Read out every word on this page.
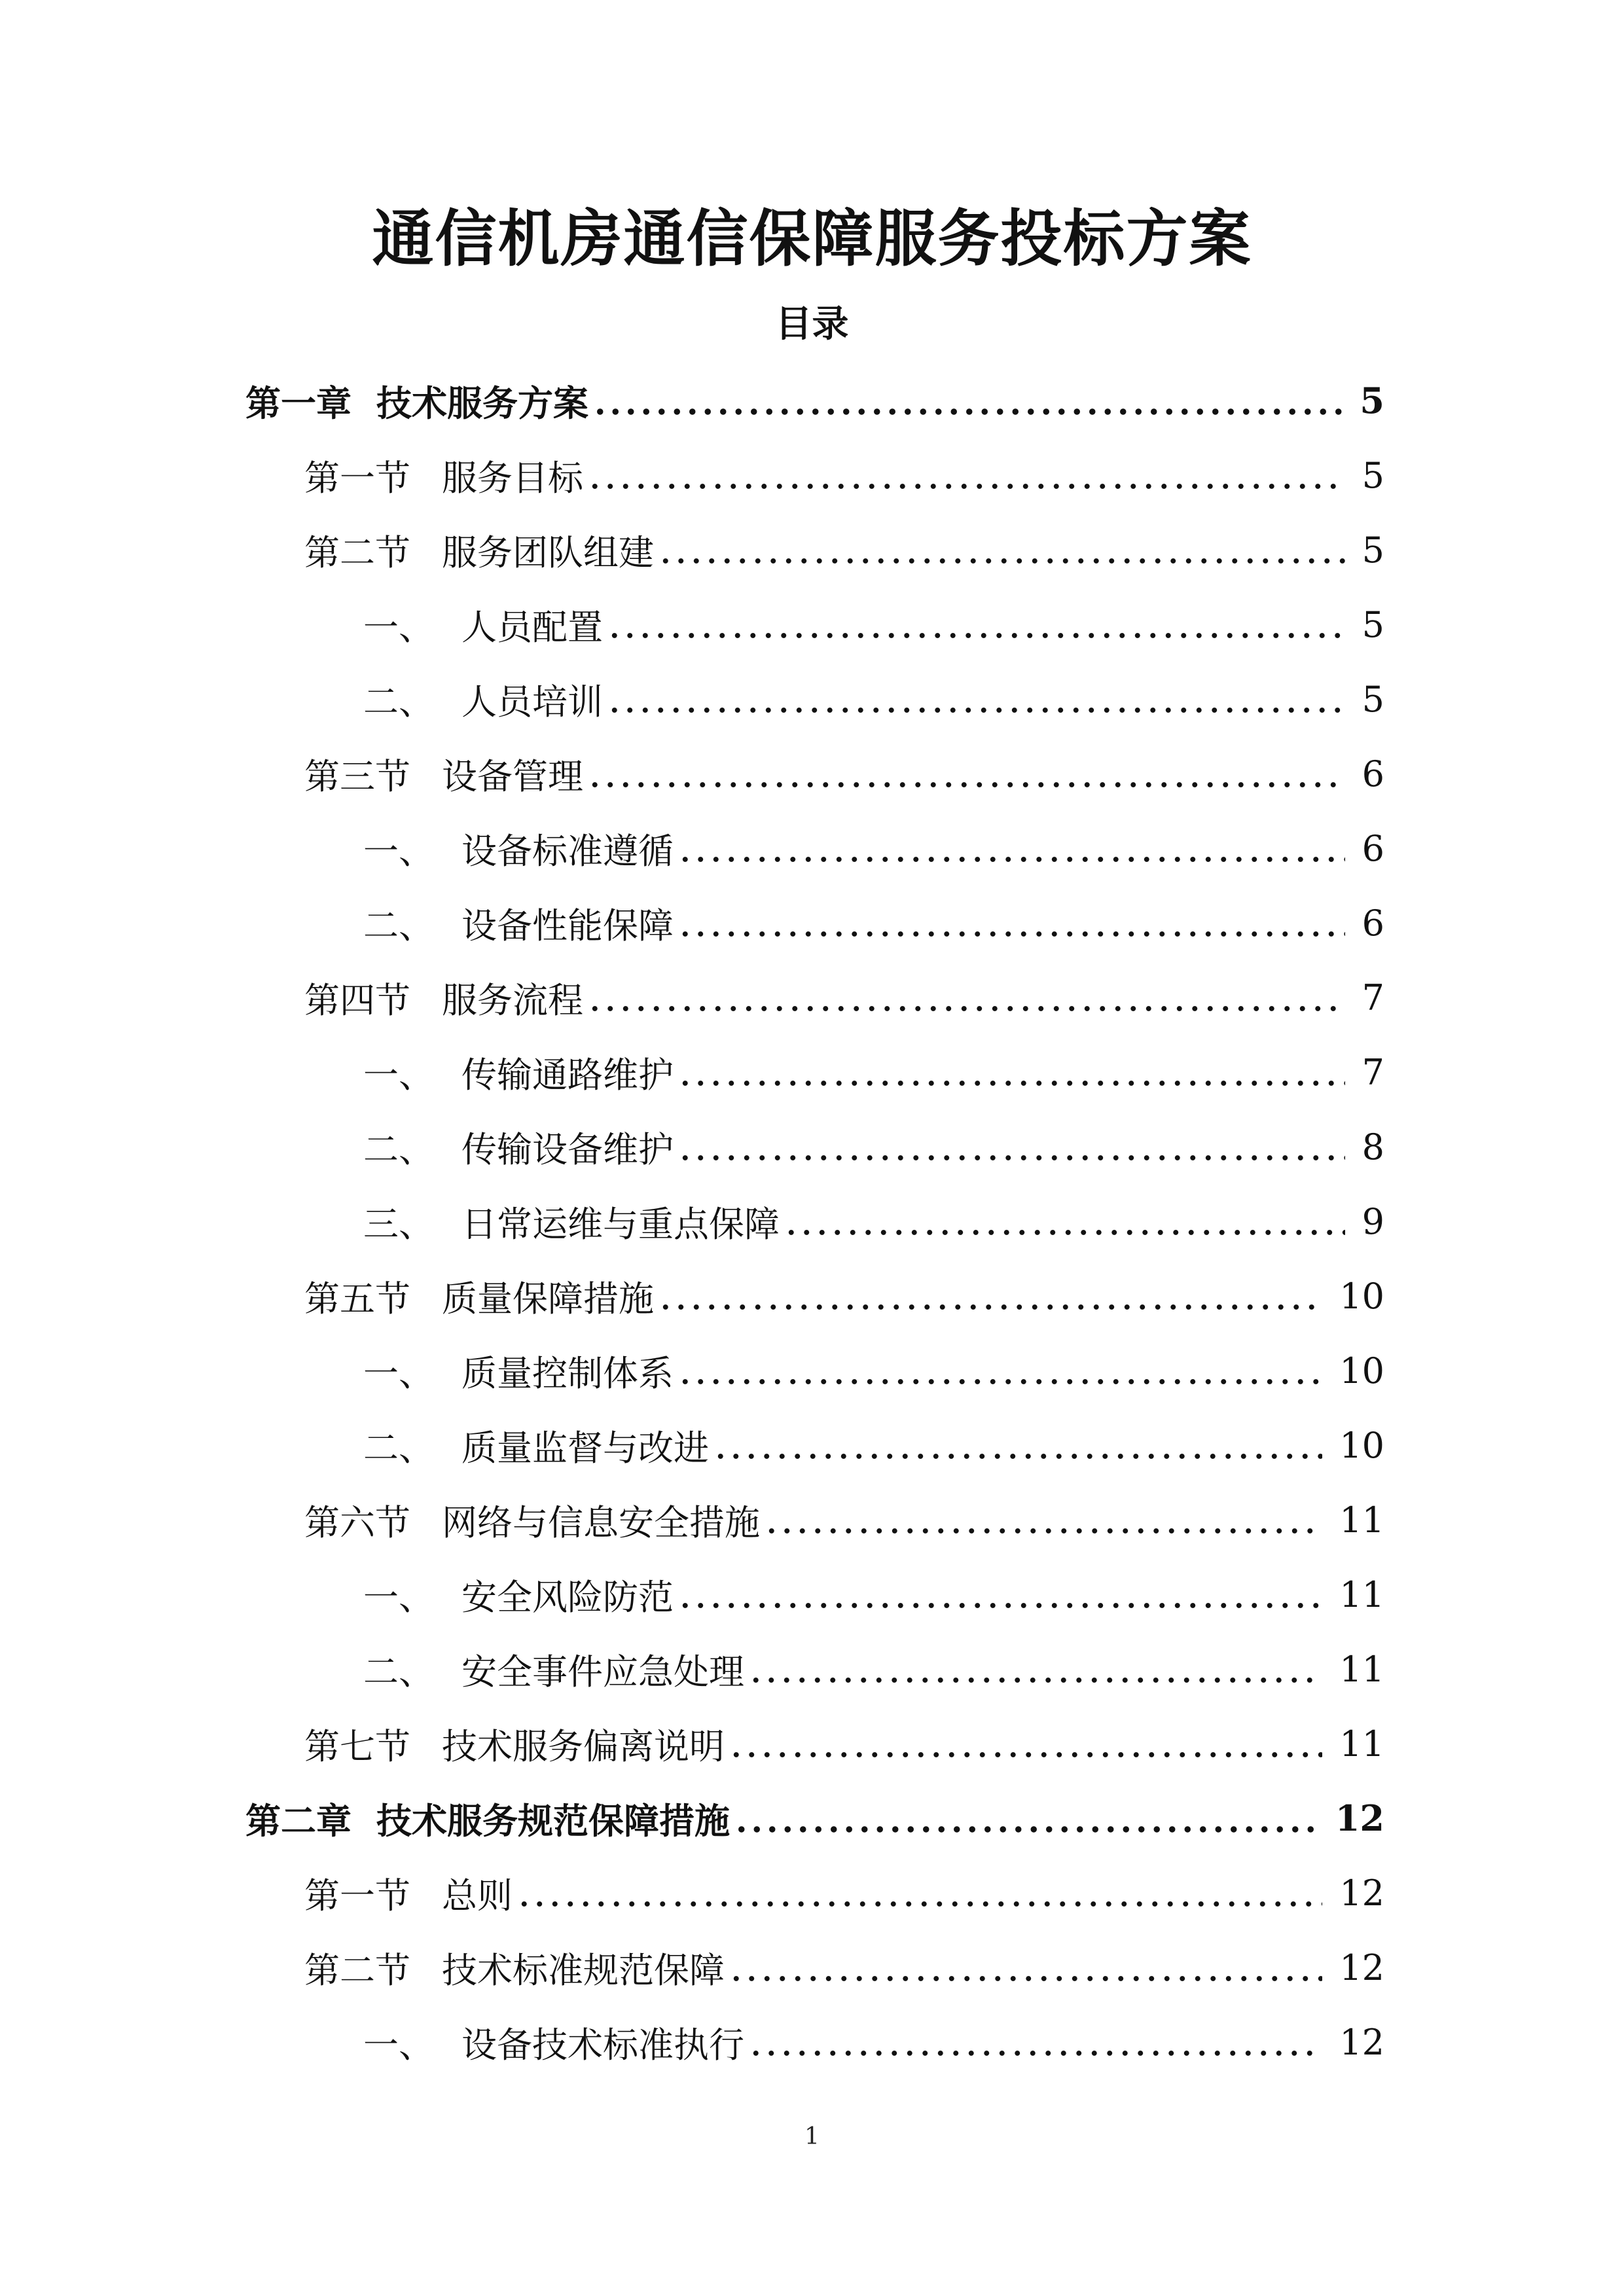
通信机房通信保障服务投标方案
目录
第一章 技术服务方案	5
第一节 服务目标	5
第二节 服务团队组建	5
一、 人员配置	5
二、 人员培训	5
第三节 设备管理	6
一、 设备标准遵循	6
二、 设备性能保障	6
第四节 服务流程	7
一、 传输通路维护	7
二、 传输设备维护	8
三、 日常运维与重点保障	9
第五节 质量保障措施	10
一、 质量控制体系	10
二、 质量监督与改进	10
第六节 网络与信息安全措施	11
一、 安全风险防范	11
二、 安全事件应急处理	11
第七节 技术服务偏离说明	11
第二章 技术服务规范保障措施	12
第一节 总则	12
第二节 技术标准规范保障	12
一、 设备技术标准执行	12
1
